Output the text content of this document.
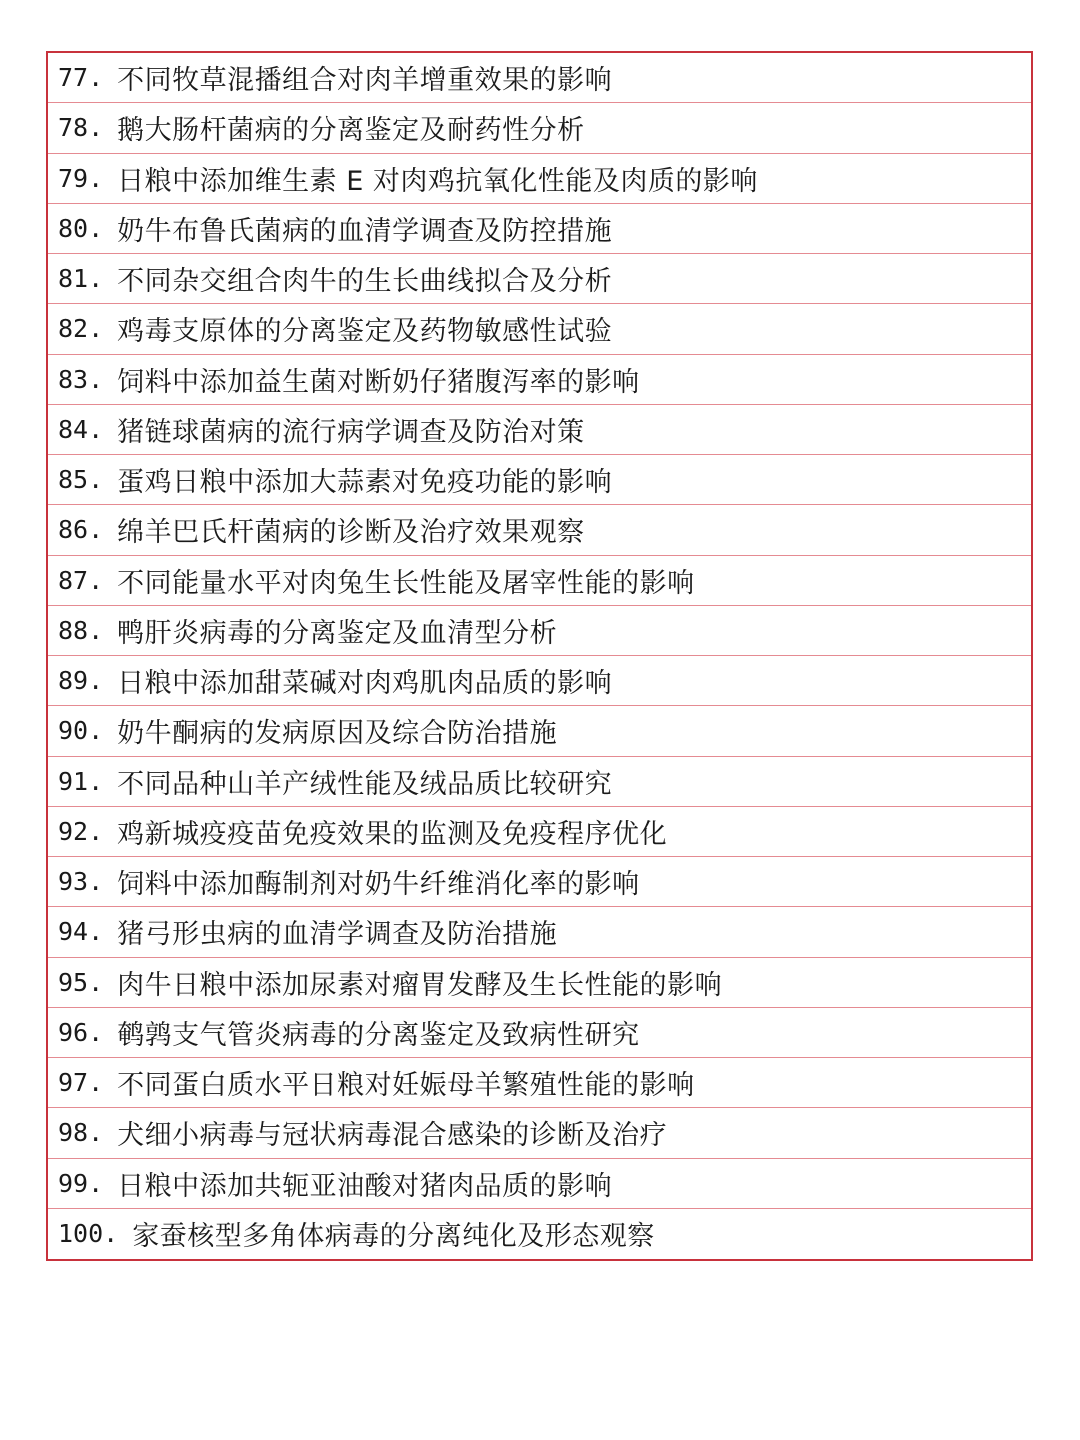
77. 不同牧草混播组合对肉羊增重效果的影响
78. 鹅大肠杆菌病的分离鉴定及耐药性分析
79. 日粮中添加维生素 E 对肉鸡抗氧化性能及肉质的影响
80. 奶牛布鲁氏菌病的血清学调查及防控措施
81. 不同杂交组合肉牛的生长曲线拟合及分析
82. 鸡毒支原体的分离鉴定及药物敏感性试验
83. 饲料中添加益生菌对断奶仔猪腹泻率的影响
84. 猪链球菌病的流行病学调查及防治对策
85. 蛋鸡日粮中添加大蒜素对免疫功能的影响
86. 绵羊巴氏杆菌病的诊断及治疗效果观察
87. 不同能量水平对肉兔生长性能及屠宰性能的影响
88. 鸭肝炎病毒的分离鉴定及血清型分析
89. 日粮中添加甜菜碱对肉鸡肌肉品质的影响
90. 奶牛酮病的发病原因及综合防治措施
91. 不同品种山羊产绒性能及绒品质比较研究
92. 鸡新城疫疫苗免疫效果的监测及免疫程序优化
93. 饲料中添加酶制剂对奶牛纤维消化率的影响
94. 猪弓形虫病的血清学调查及防治措施
95. 肉牛日粮中添加尿素对瘤胃发酵及生长性能的影响
96. 鹌鹑支气管炎病毒的分离鉴定及致病性研究
97. 不同蛋白质水平日粮对妊娠母羊繁殖性能的影响
98. 犬细小病毒与冠状病毒混合感染的诊断及治疗
99. 日粮中添加共轭亚油酸对猪肉品质的影响
100. 家蚕核型多角体病毒的分离纯化及形态观察
